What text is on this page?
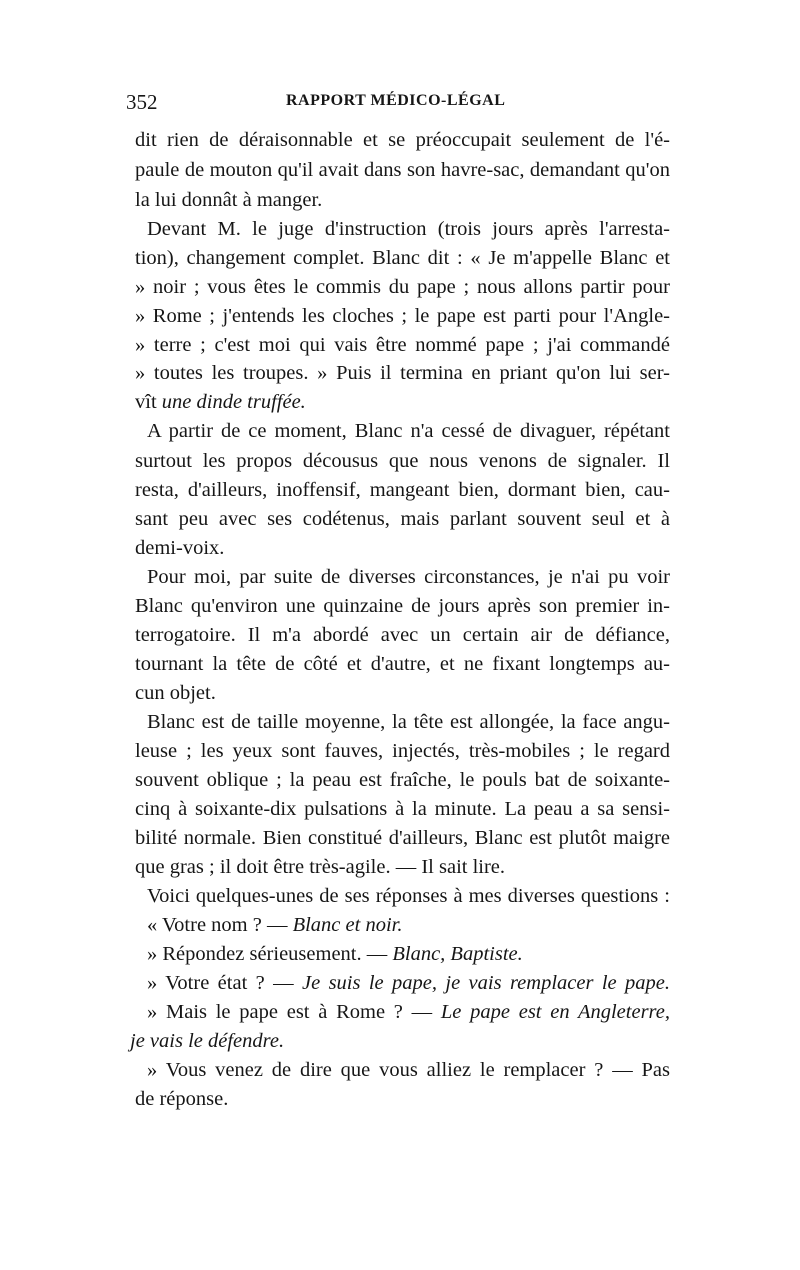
352	RAPPORT MÉDICO-LÉGAL
dit rien de déraisonnable et se préoccupait seulement de l'é-
paule de mouton qu'il avait dans son havre-sac, demandant qu'on
la lui donnât à manger.
Devant M. le juge d'instruction (trois jours après l'arresta-
tion), changement complet. Blanc dit : « Je m'appelle Blanc et
» noir ; vous êtes le commis du pape ; nous allons partir pour
» Rome ; j'entends les cloches ; le pape est parti pour l'Angle-
» terre ; c'est moi qui vais être nommé pape ; j'ai commandé
» toutes les troupes. » Puis il termina en priant qu'on lui ser-
vît une dinde truffée.
A partir de ce moment, Blanc n'a cessé de divaguer, répétant
surtout les propos décousus que nous venons de signaler. Il
resta, d'ailleurs, inoffensif, mangeant bien, dormant bien, cau-
sant peu avec ses codétenus, mais parlant souvent seul et à
demi-voix.
Pour moi, par suite de diverses circonstances, je n'ai pu voir
Blanc qu'environ une quinzaine de jours après son premier in-
terrogatoire. Il m'a abordé avec un certain air de défiance,
tournant la tête de côté et d'autre, et ne fixant longtemps au-
cun objet.
Blanc est de taille moyenne, la tête est allongée, la face angu-
leuse ; les yeux sont fauves, injectés, très-mobiles ; le regard
souvent oblique ; la peau est fraîche, le pouls bat de soixante-
cinq à soixante-dix pulsations à la minute. La peau a sa sensi-
bilité normale. Bien constitué d'ailleurs, Blanc est plutôt maigre
que gras ; il doit être très-agile. — Il sait lire.
Voici quelques-unes de ses réponses à mes diverses questions :
« Votre nom ? — Blanc et noir.
» Répondez sérieusement. — Blanc, Baptiste.
» Votre état ? — Je suis le pape, je vais remplacer le pape.
» Mais le pape est à Rome ? — Le pape est en Angleterre,
je vais le défendre.
» Vous venez de dire que vous alliez le remplacer ? — Pas
de réponse.
